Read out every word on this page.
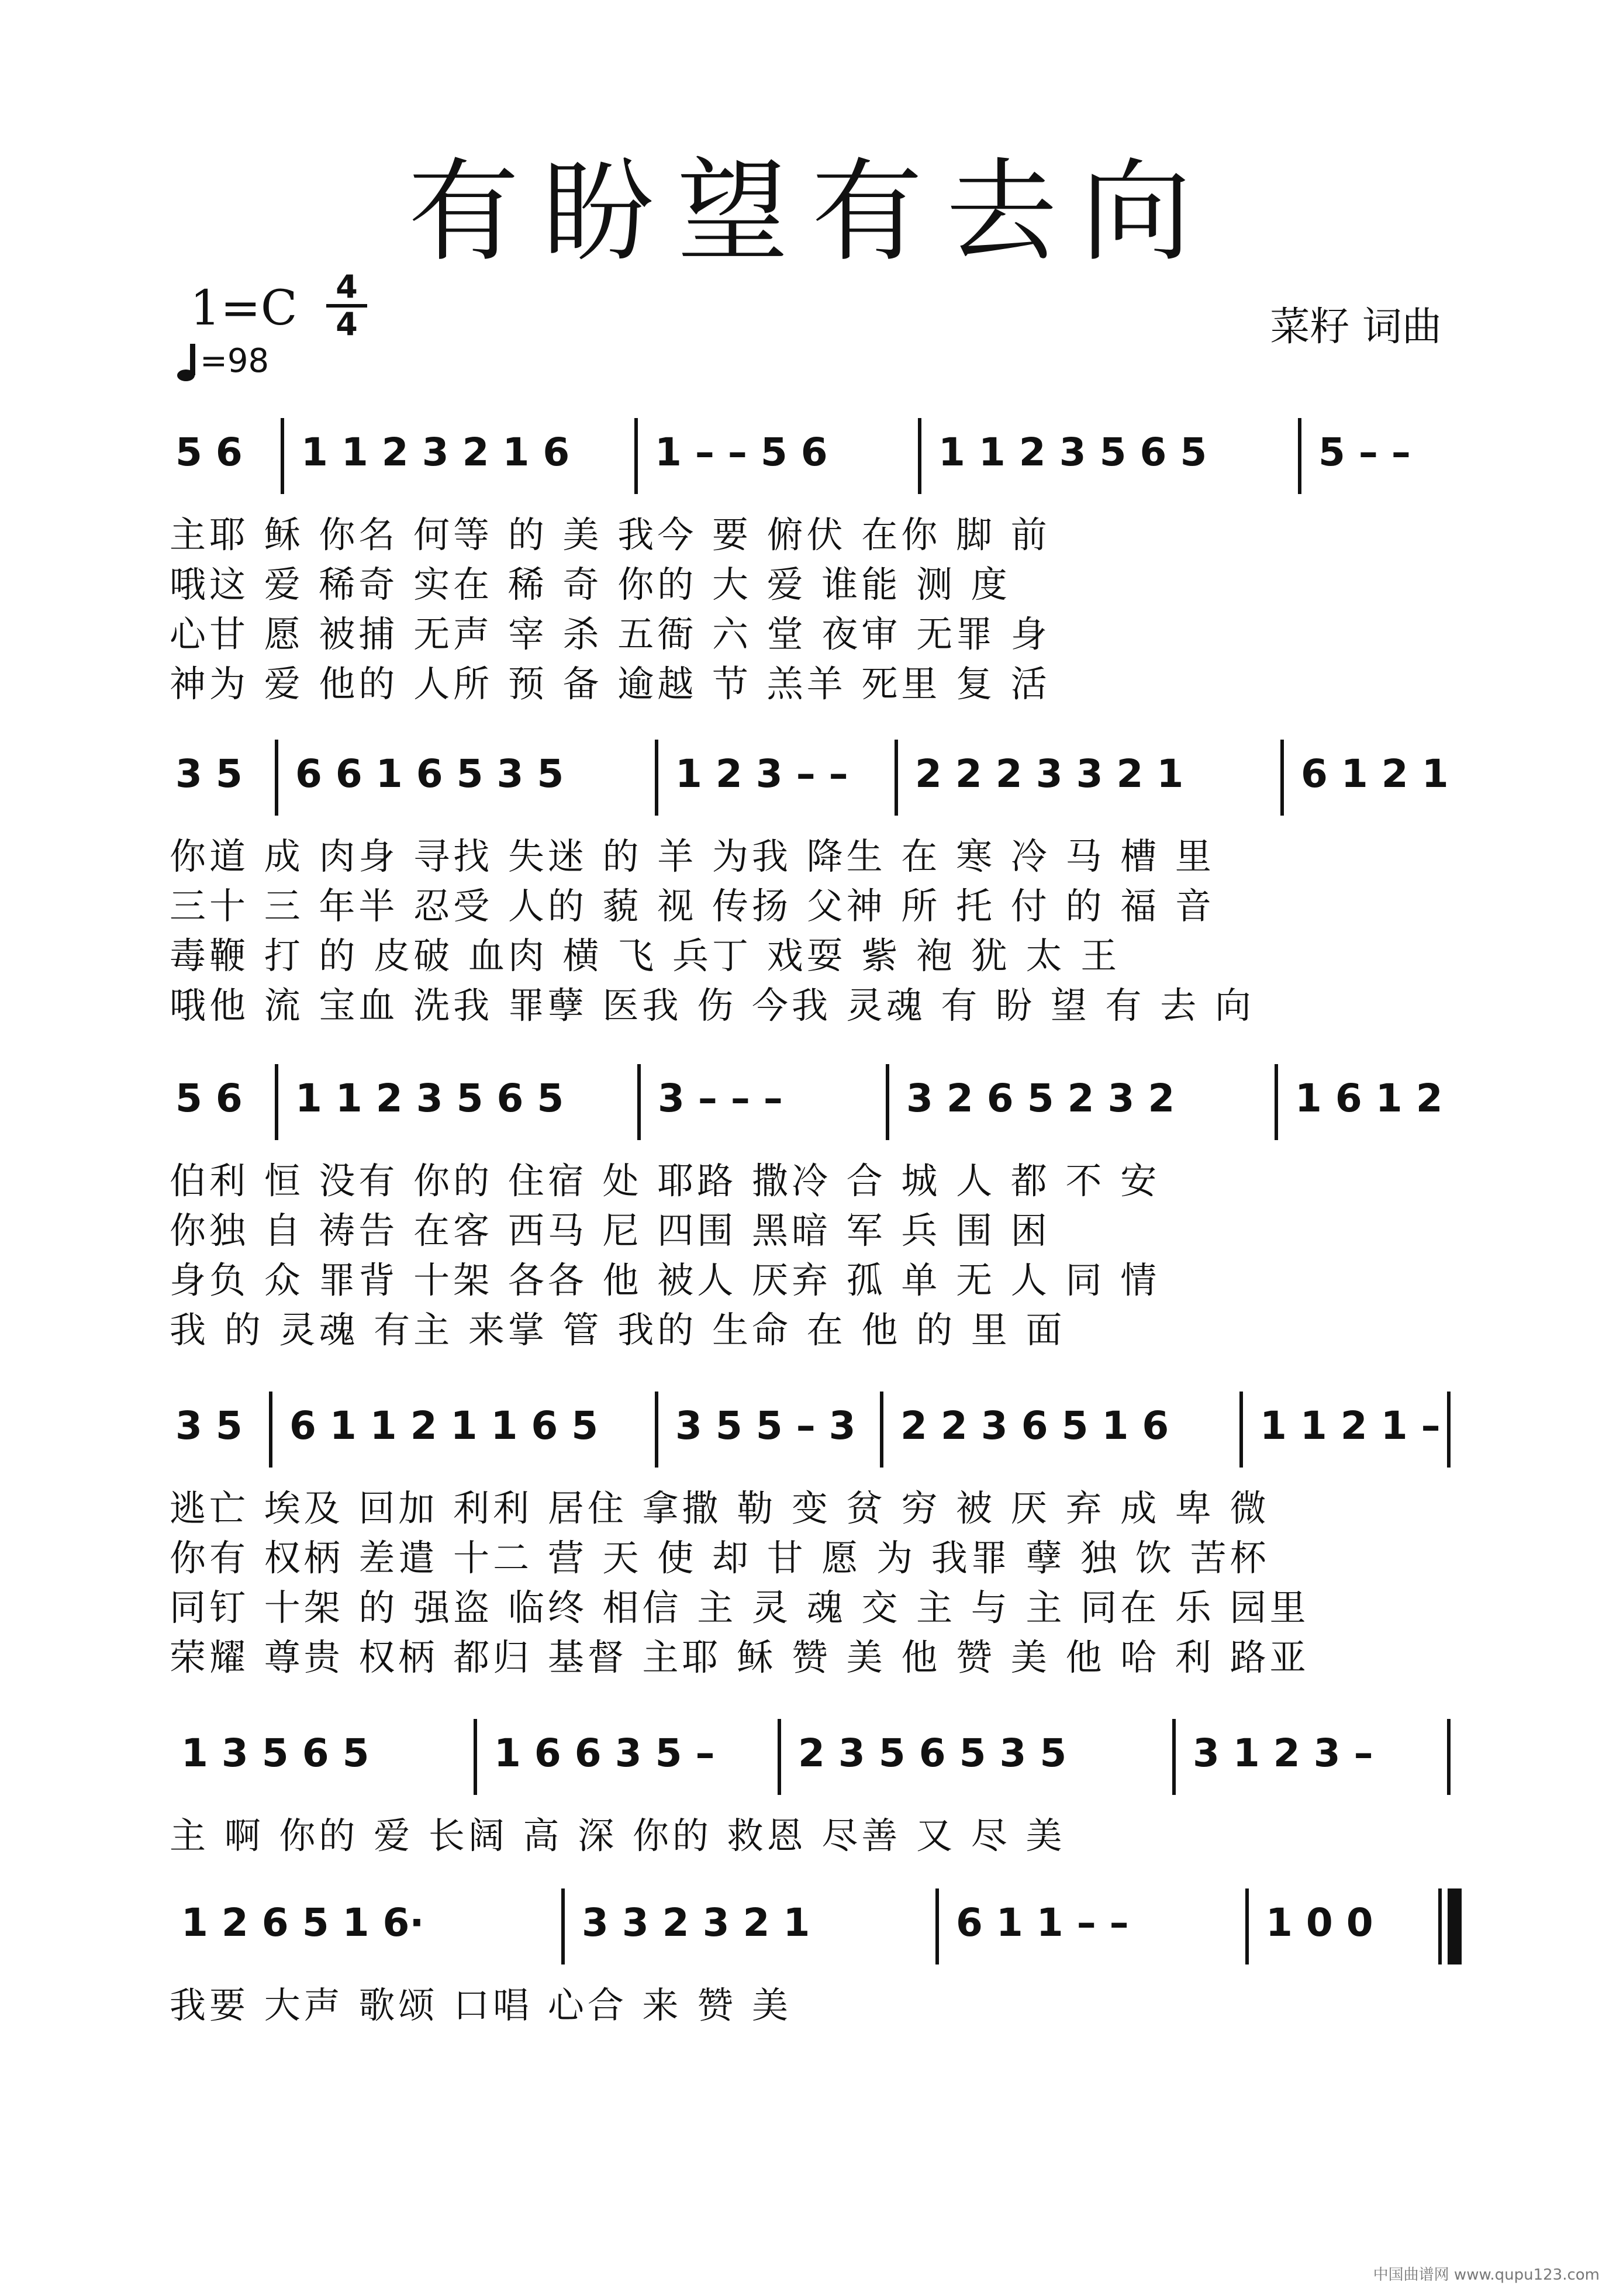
有盼望有去向
1=C	4
4
=98
菜籽 词曲
5 6 1 1 2 3 2 1 6 1 – – 5 6	1 1 2 3 5 6 5	5 – –
主耶 稣 你名 何等 的 美 我今 要 俯伏 在你 脚 前
哦这 爱 稀奇 实在 稀 奇 你的 大 爱 谁能 测 度
心甘 愿 被捕 无声 宰 杀 五衙 六 堂 夜审 无罪 身
神为 爱 他的 人所 预 备 逾越 节 羔羊 死里 复 活
3 5 6 6 1 6 5 3 5	1 2 3 – – 2 2 2 3 3 2 1	6 1 2 1
你道 成 肉身 寻找 失迷 的 羊 为我 降生 在 寒 冷 马 槽 里
三十 三 年半 忍受 人的 藐 视 传扬 父神 所 托 付 的 福 音
毒鞭 打 的 皮破 血肉 横 飞 兵丁 戏耍 紫 袍 犹 太 王
哦他 流 宝血 洗我 罪孽 医我 伤 今我 灵魂 有 盼 望 有 去 向
5 6 1 1 2 3 5 6 5 3 – – –	3 2 6 5 2 3 2	1 6 1 2
伯利 恒 没有 你的 住宿 处 耶路 撒冷 合 城 人 都 不 安
你独 自 祷告 在客 西马 尼 四围 黑暗 军 兵 围 困
身负 众 罪背 十架 各各 他 被人 厌弃 孤 单 无 人 同 情
我 的 灵魂 有主 来掌 管 我的 生命 在 他 的 里 面
3 5 6 1 1 2 1 1 6 5 3 5 5 – 3 2 2 3 6 5 1 6 1 1 2 1 –
逃亡 埃及 回加 利利 居住 拿撒 勒 变 贫 穷 被 厌 弃 成 卑 微
你有 权柄 差遣 十二 营 天 使 却 甘 愿 为 我罪 孽 独 饮 苦杯
同钉 十架 的 强盗 临终 相信 主 灵 魂 交 主 与 主 同在 乐 园里
荣耀 尊贵 权柄 都归 基督 主耶 稣 赞 美 他 赞 美 他 哈 利 路亚
1 3 5 6 5	1 6 6 3 5 – 2 3 5 6 5 3 5	3 1 2 3 –
主 啊 你的 爱 长阔 高 深 你的 救恩 尽善 又 尽 美
1 2 6 5 1 6·	3 3 2 3 2 1	6 1 1 – –	1 0 0
我要 大声 歌颂 口唱 心合 来 赞 美
中国曲谱网 www.qupu123.com
